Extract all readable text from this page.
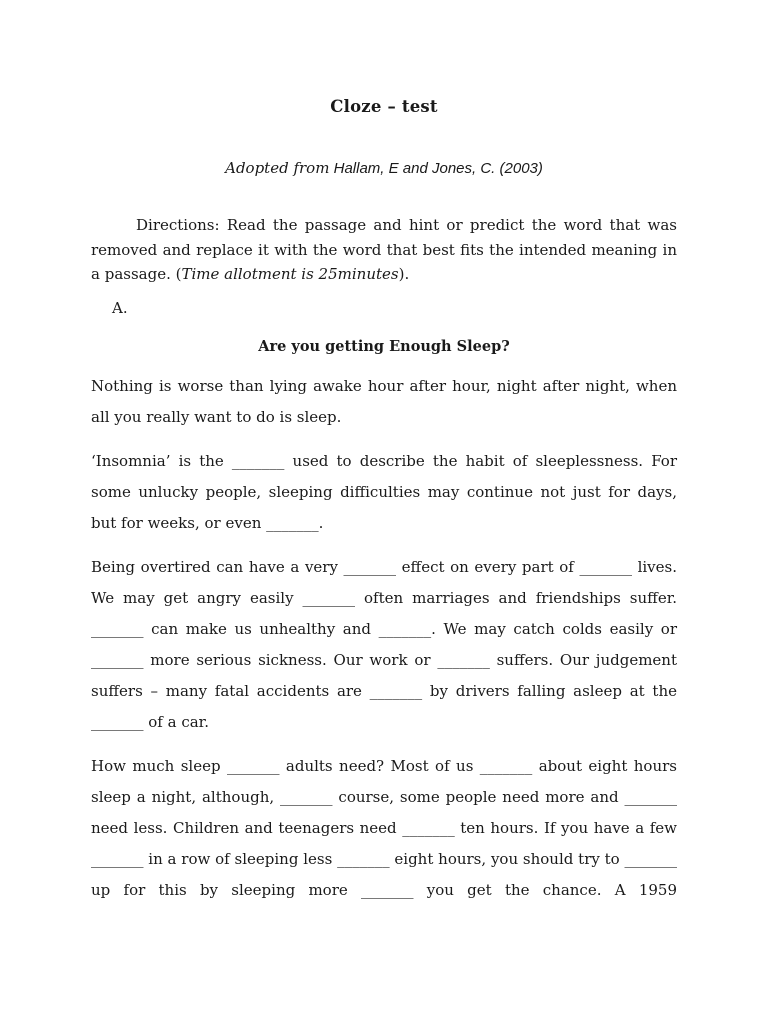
Cloze – test
Adopted from Hallam, E and Jones, C. (2003)
Directions: Read the passage and hint or predict the word that was removed and replace it with the word that best fits the intended meaning in a passage. (Time allotment is 25minutes).
A.
Are you getting Enough Sleep?

Nothing is worse than lying awake hour after hour, night after night, when all you really want to do is sleep.

‘Insomnia’ is the _______ used to describe the habit of sleeplessness. For some unlucky people, sleeping difficulties may continue not just for days, but for weeks, or even _______.

Being overtired can have a very _______ effect on every part of _______ lives. We may get angry easily _______ often marriages and friendships suffer. _______ can make us unhealthy and _______. We may catch colds easily or _______ more serious sickness. Our work or _______ suffers. Our judgement suffers – many fatal accidents are _______ by drivers falling asleep at the _______ of a car.

How much sleep _______ adults need? Most of us _______ about eight hours sleep a night, although, _______ course, some people need more and _______ need less. Children and teenagers need _______ ten hours. If you have a few _______ in a row of sleeping less _______ eight hours, you should try to _______ up for this by sleeping more _______ you get the chance. A 1959
